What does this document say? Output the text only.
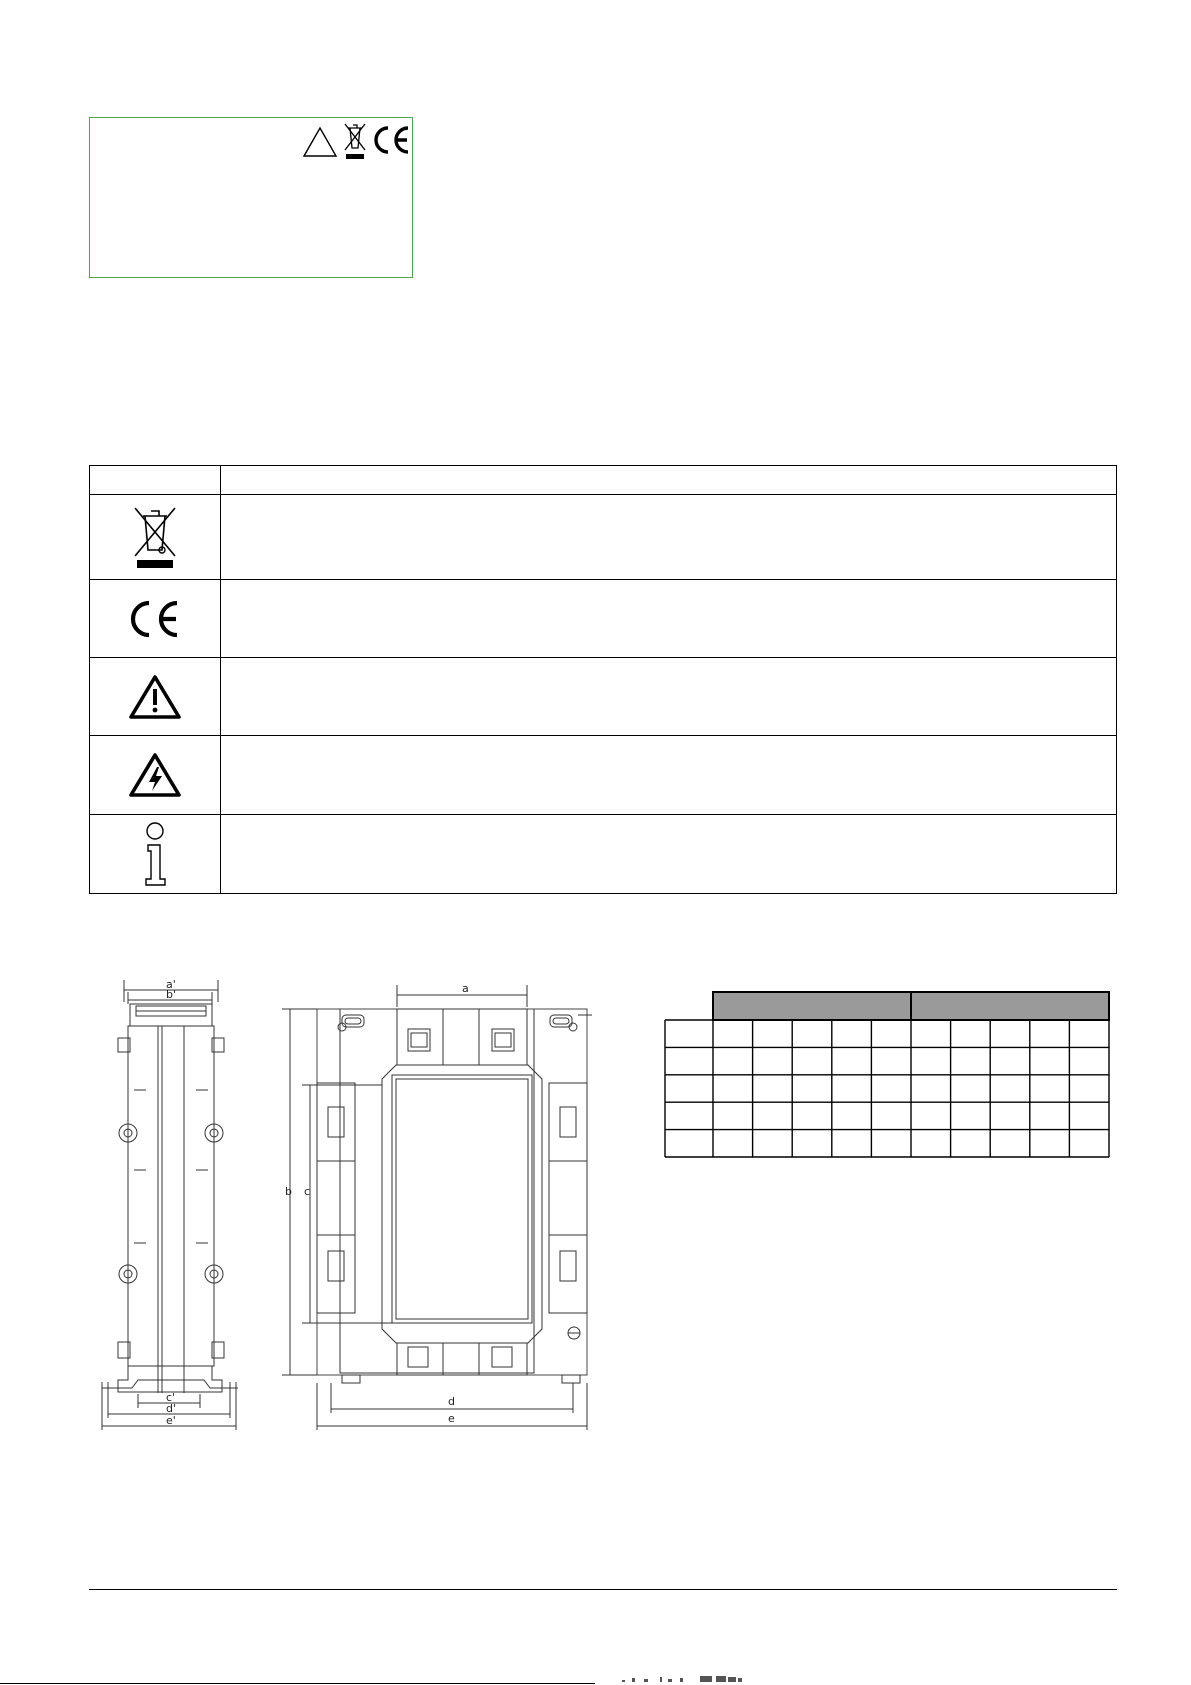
a'
b'
c'
d'
e'
a
b c
d
e
